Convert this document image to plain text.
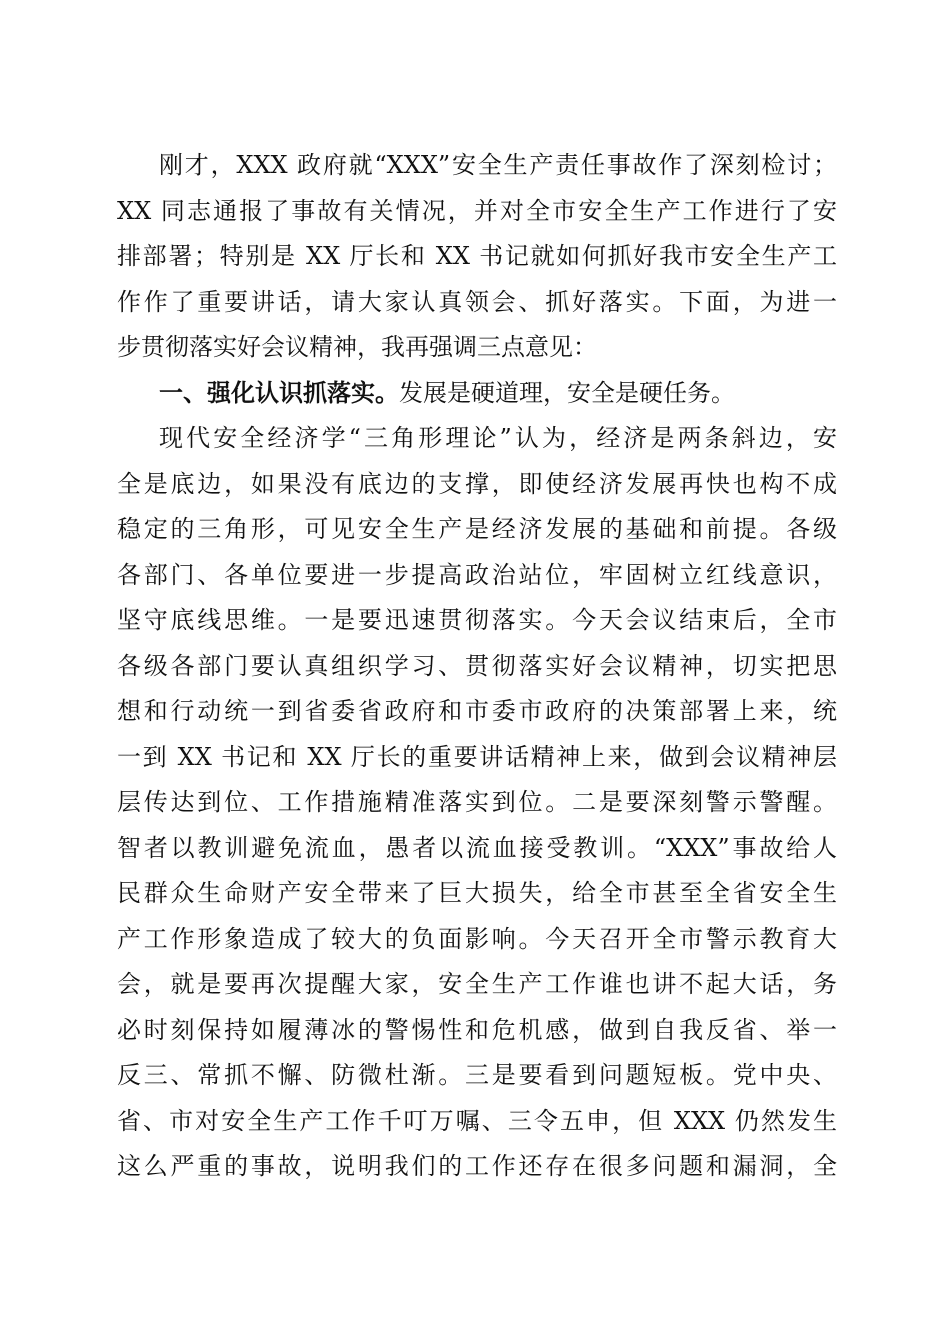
刚才，XXX 政府就“XXX”安全生产责任事故作了深刻检讨；
XX 同志通报了事故有关情况，并对全市安全生产工作进行了安
排部署；特别是 XX 厅长和 XX 书记就如何抓好我市安全生产工
作作了重要讲话，请大家认真领会、抓好落实。下面，为进一
步贯彻落实好会议精神，我再强调三点意见：
一、强化认识抓落实。发展是硬道理，安全是硬任务。
现代安全经济学“三角形理论”认为，经济是两条斜边，安
全是底边，如果没有底边的支撑，即使经济发展再快也构不成
稳定的三角形，可见安全生产是经济发展的基础和前提。各级
各部门、各单位要进一步提高政治站位，牢固树立红线意识，
坚守底线思维。一是要迅速贯彻落实。今天会议结束后，全市
各级各部门要认真组织学习、贯彻落实好会议精神，切实把思
想和行动统一到省委省政府和市委市政府的决策部署上来，统
一到 XX 书记和 XX 厅长的重要讲话精神上来，做到会议精神层
层传达到位、工作措施精准落实到位。二是要深刻警示警醒。
智者以教训避免流血，愚者以流血接受教训。“XXX”事故给人
民群众生命财产安全带来了巨大损失，给全市甚至全省安全生
产工作形象造成了较大的负面影响。今天召开全市警示教育大
会，就是要再次提醒大家，安全生产工作谁也讲不起大话，务
必时刻保持如履薄冰的警惕性和危机感，做到自我反省、举一
反三、常抓不懈、防微杜渐。三是要看到问题短板。党中央、
省、市对安全生产工作千叮万嘱、三令五申，但 XXX 仍然发生
这么严重的事故，说明我们的工作还存在很多问题和漏洞，全
